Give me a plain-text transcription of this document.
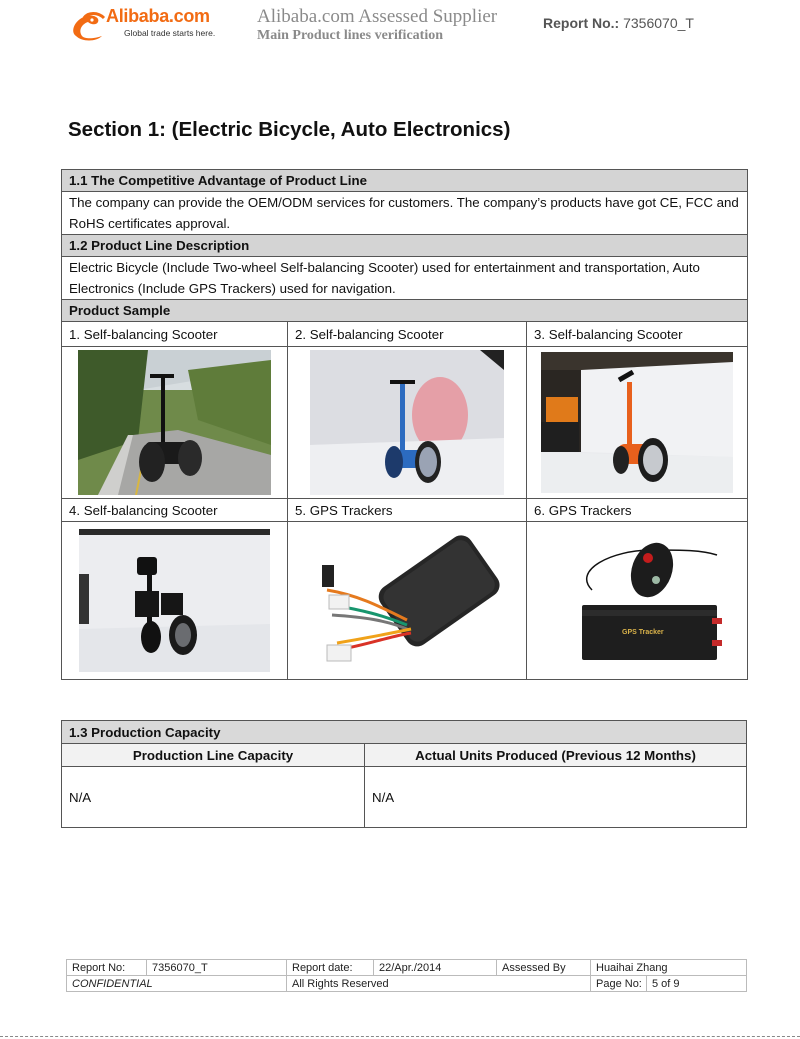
Alibaba.com
Global trade starts here.
Alibaba.com Assessed Supplier
Main Product lines verification
Report No.: 7356070_T
Section 1: (Electric Bicycle, Auto Electronics)
1.1 The Competitive Advantage of Product Line		
The company can provide the OEM/ODM services for customers. The company’s products have got CE, FCC and RoHS certificates approval.		
1.2 Product Line Description		
Electric Bicycle (Include Two-wheel Self-balancing Scooter) used for entertainment and transportation, Auto Electronics (Include GPS Trackers) used for navigation.		
Product Sample		
1. Self-balancing Scooter	2. Self-balancing Scooter	3. Self-balancing Scooter

4. Self-balancing Scooter	5. GPS Trackers	6. GPS Trackers

GPS Tracker
1.3 Production Capacity	
Production Line Capacity	Actual Units Produced (Previous 12 Months)
N/A	N/A
Report No:	7356070_T	Report date:	22/Apr./2014	Assessed By	Huaihai Zhang	
CONFIDENTIAL		All Rights Reserved			Page No:	5 of 9
